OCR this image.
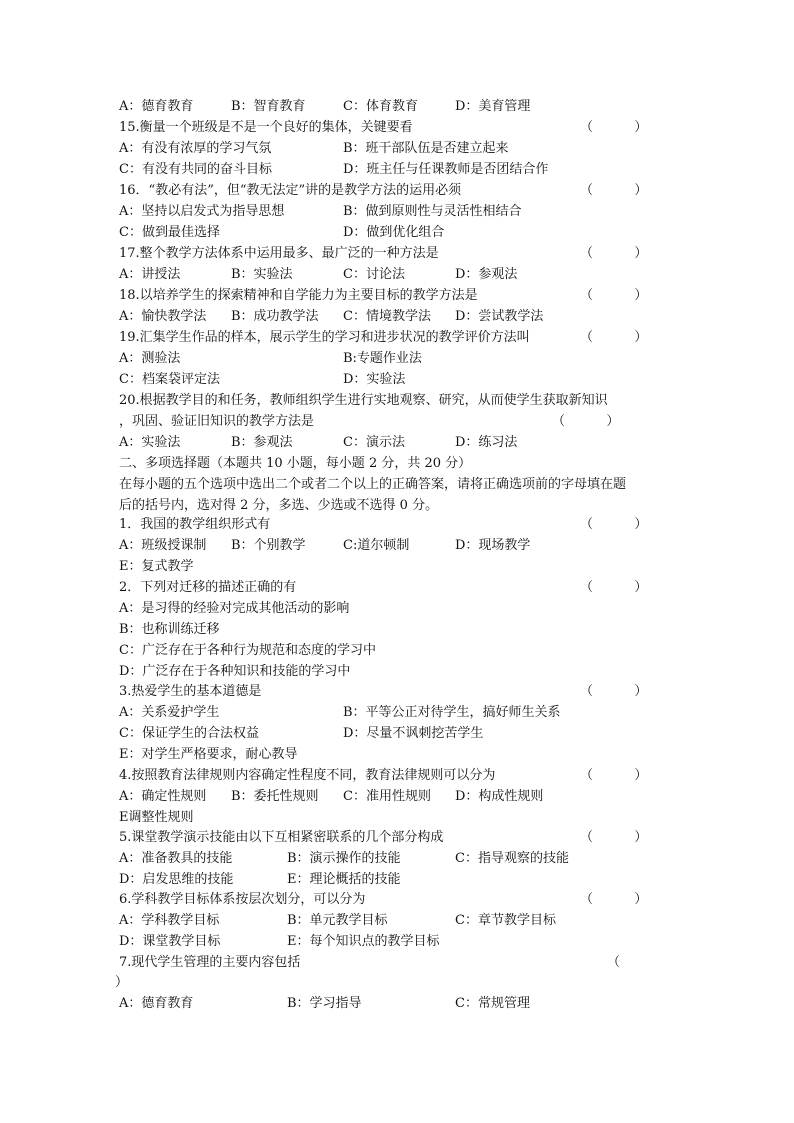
A：德育教育	B：智育教育	C：体育教育	D：美育管理
15.衡量一个班级是不是一个良好的集体，关键要看	（          ）
A：有没有浓厚的学习气氛	B：班干部队伍是否建立起来
C：有没有共同的奋斗目标	D：班主任与任课教师是否团结合作
16．“教必有法”，但“教无法定”讲的是教学方法的运用必须	（          ）
A：坚持以启发式为指导思想	B：做到原则性与灵活性相结合
C：做到最佳选择	D：做到优化组合
17.整个教学方法体系中运用最多、最广泛的一种方法是	（          ）
A：讲授法	B：实验法	C：讨论法	D：参观法
18.以培养学生的探索精神和自学能力为主要目标的教学方法是	（          ）
A：愉快教学法 B：成功教学法 C：情境教学法 D：尝试教学法
19.汇集学生作品的样本，展示学生的学习和进步状况的教学评价方法叫	（          ）
A：测验法	B:专题作业法
C：档案袋评定法	D：实验法
20.根据教学目的和任务，教师组织学生进行实地观察、研究，从而使学生获取新知识
，巩固、验证旧知识的教学方法是	（          ）
A：实验法	B：参观法	C：演示法	D：练习法
二、多项选择题（本题共 10 小题，每小题 2 分，共 20 分）
在每小题的五个选项中选出二个或者二个以上的正确答案，请将正确选项前的字母填在题
后的括号内，选对得 2 分，多选、少选或不选得 0 分。
1．我国的教学组织形式有	（          ）
A：班级授课制 B：个别教学	C:道尔顿制	D：现场教学
E：复式教学
2．下列对迁移的描述正确的有	（          ）
A：是习得的经验对完成其他活动的影响
B：也称训练迁移
C：广泛存在于各种行为规范和态度的学习中
D：广泛存在于各种知识和技能的学习中
3.热爱学生的基本道德是	（          ）
A：关系爱护学生	B：平等公正对待学生，搞好师生关系
C：保证学生的合法权益	D：尽量不讽刺挖苦学生
E：对学生严格要求，耐心教导
4.按照教育法律规则内容确定性程度不同，教育法律规则可以分为	（          ）
A：确定性规则 B：委托性规则 C：准用性规则 D：构成性规则
E调整性规则
5.课堂教学演示技能由以下互相紧密联系的几个部分构成	（          ）
A：准备教具的技能	B：演示操作的技能	C：指导观察的技能
D：启发思维的技能	E：理论概括的技能
6.学科教学目标体系按层次划分，可以分为	（          ）
A：学科教学目标	B：单元教学目标	C：章节教学目标
D：课堂教学目标	E：每个知识点的教学目标
7.现代学生管理的主要内容包括	（
）
A：德育教育	B：学习指导	C：常规管理
